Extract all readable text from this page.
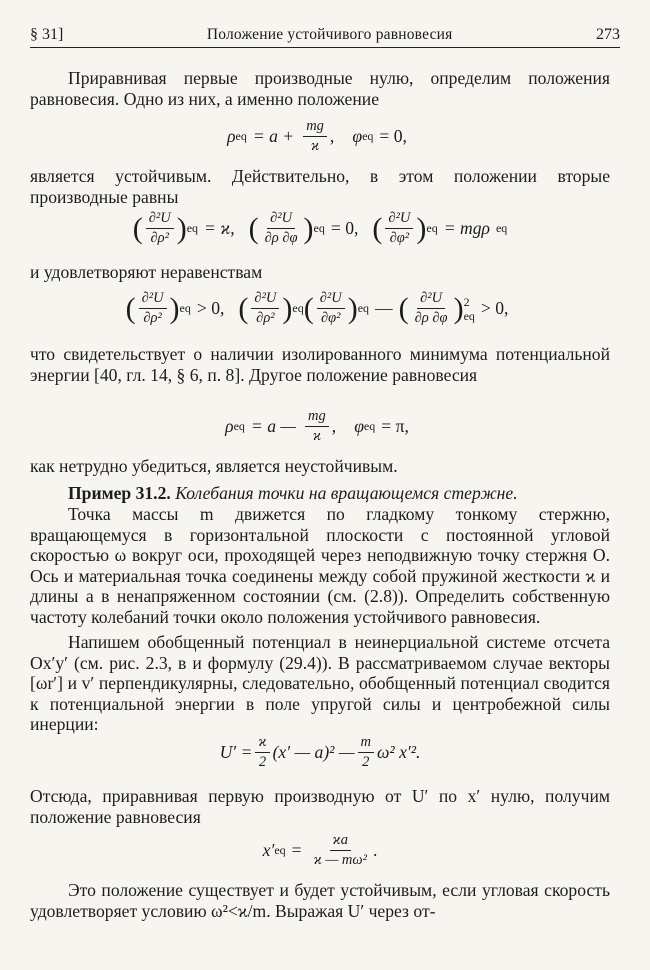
§ 31]	Положение устойчивого равновесия	273
Приравнивая первые производные нулю, определим положения равновесия. Одно из них, а именно положение
ρ eq = $a + \frac{mg}{ϰ}$ , φ eq = 0,
является устойчивым. Действительно, в этом положении вторые производные равны
( $\frac{\text{∂²U}}{\text{∂ρ²}}$ ) eq = ϰ, ( $\frac{\text{∂²U}}{\partial\rho \partial\varphi}$ ) eq = 0, ( $\frac{\text{∂²U}}{\text{∂φ²}}$ ) eq = mgρ eq
и удовлетворяют неравенствам
( $\frac{\text{∂²U}}{\text{∂ρ²}}$ ) eq > 0, ( $\frac{\text{∂²U}}{\text{∂ρ²}}$ ) eq ( $\frac{\text{∂²U}}{\text{∂φ²}}$ ) eq — ( $\frac{\text{∂²U}}{\partial\rho \partial\varphi}$ ) 2
eq > 0,
что свидетельствует о наличии изолированного минимума потенциальной энергии [40, гл. 14, § 6, п. 8]. Другое положение равновесия
ρ eq = a — $\frac{mg}{ϰ}$ , φ eq = π,
как нетрудно убедиться, является неустойчивым.
Пример 31.2. Колебания точки на вращающемся стержне.
Точка массы m движется по гладкому тонкому стержню, вращающемуся в горизонтальной плоскости с постоянной угловой скоростью ω вокруг оси, проходящей через неподвижную точку стержня O. Ось и материальная точка соединены между собой пружиной жесткости ϰ и длины a в ненапряженном состоянии (см. (2.8)). Определить собственную частоту колебаний точки около положения устойчивого равновесия.
Напишем обобщенный потенциал в неинерциальной системе отсчета Ox′y′ (см. рис. 2.3, в и формулу (29.4)). В рассматриваемом случае векторы [ωr′] и v′ перпендикулярны, следовательно, обобщенный потенциал сводится к потенциальной энергии в поле упругой силы и центробежной силы инерции:
$U' = \frac{ϰ}{2} (x'$ — a)² — $\frac{m}{2} \omega^2$ x′².
Отсюда, приравнивая первую производную от U′ по x′ нулю, получим положение равновесия
x′ eq = $\frac{ϰa}{\text{ϰ — mω²}}$ .
Это положение существует и будет устойчивым, если угловая скорость удовлетворяет условию ω²<ϰ/m. Выражая U′ через от-
